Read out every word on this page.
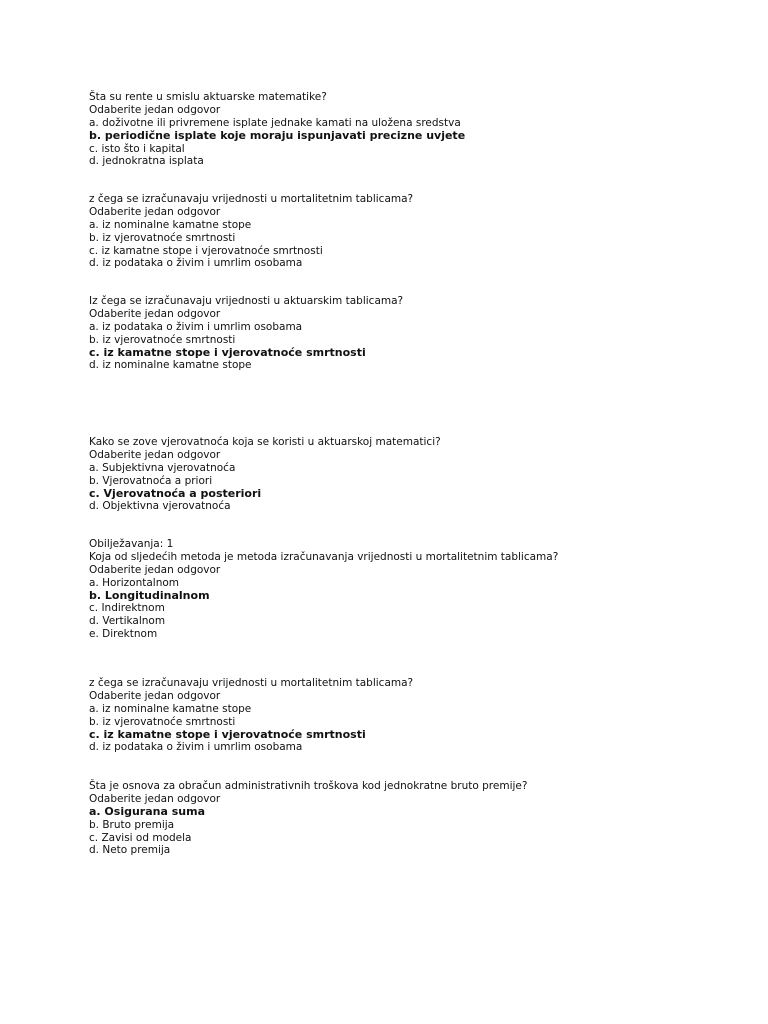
Šta su rente u smislu aktuarske matematike?
Odaberite jedan odgovor
a. doživotne ili privremene isplate jednake kamati na uložena sredstva
b. periodične isplate koje moraju ispunjavati precizne uvjete
c. isto što i kapital
d. jednokratna isplata
z čega se izračunavaju vrijednosti u mortalitetnim tablicama?
Odaberite jedan odgovor
a. iz nominalne kamatne stope
b. iz vjerovatnoće smrtnosti
c. iz kamatne stope i vjerovatnoće smrtnosti
d. iz podataka o živim i umrlim osobama
Iz čega se izračunavaju vrijednosti u aktuarskim tablicama?
Odaberite jedan odgovor
a. iz podataka o živim i umrlim osobama
b. iz vjerovatnoće smrtnosti
c. iz kamatne stope i vjerovatnoće smrtnosti
d. iz nominalne kamatne stope
Kako se zove vjerovatnoća koja se koristi u aktuarskoj matematici?
Odaberite jedan odgovor
a. Subjektivna vjerovatnoća
b. Vjerovatnoća a priori
c. Vjerovatnoća a posteriori
d. Objektivna vjerovatnoća
Obilježavanja: 1
Koja od sljedećih metoda je metoda izračunavanja vrijednosti u mortalitetnim tablicama?
Odaberite jedan odgovor
a. Horizontalnom
b. Longitudinalnom
c. Indirektnom
d. Vertikalnom
e. Direktnom
z čega se izračunavaju vrijednosti u mortalitetnim tablicama?
Odaberite jedan odgovor
a. iz nominalne kamatne stope
b. iz vjerovatnoće smrtnosti
c. iz kamatne stope i vjerovatnoće smrtnosti
d. iz podataka o živim i umrlim osobama
Šta je osnova za obračun administrativnih troškova kod jednokratne bruto premije?
Odaberite jedan odgovor
a. Osigurana suma
b. Bruto premija
c. Zavisi od modela
d. Neto premija
